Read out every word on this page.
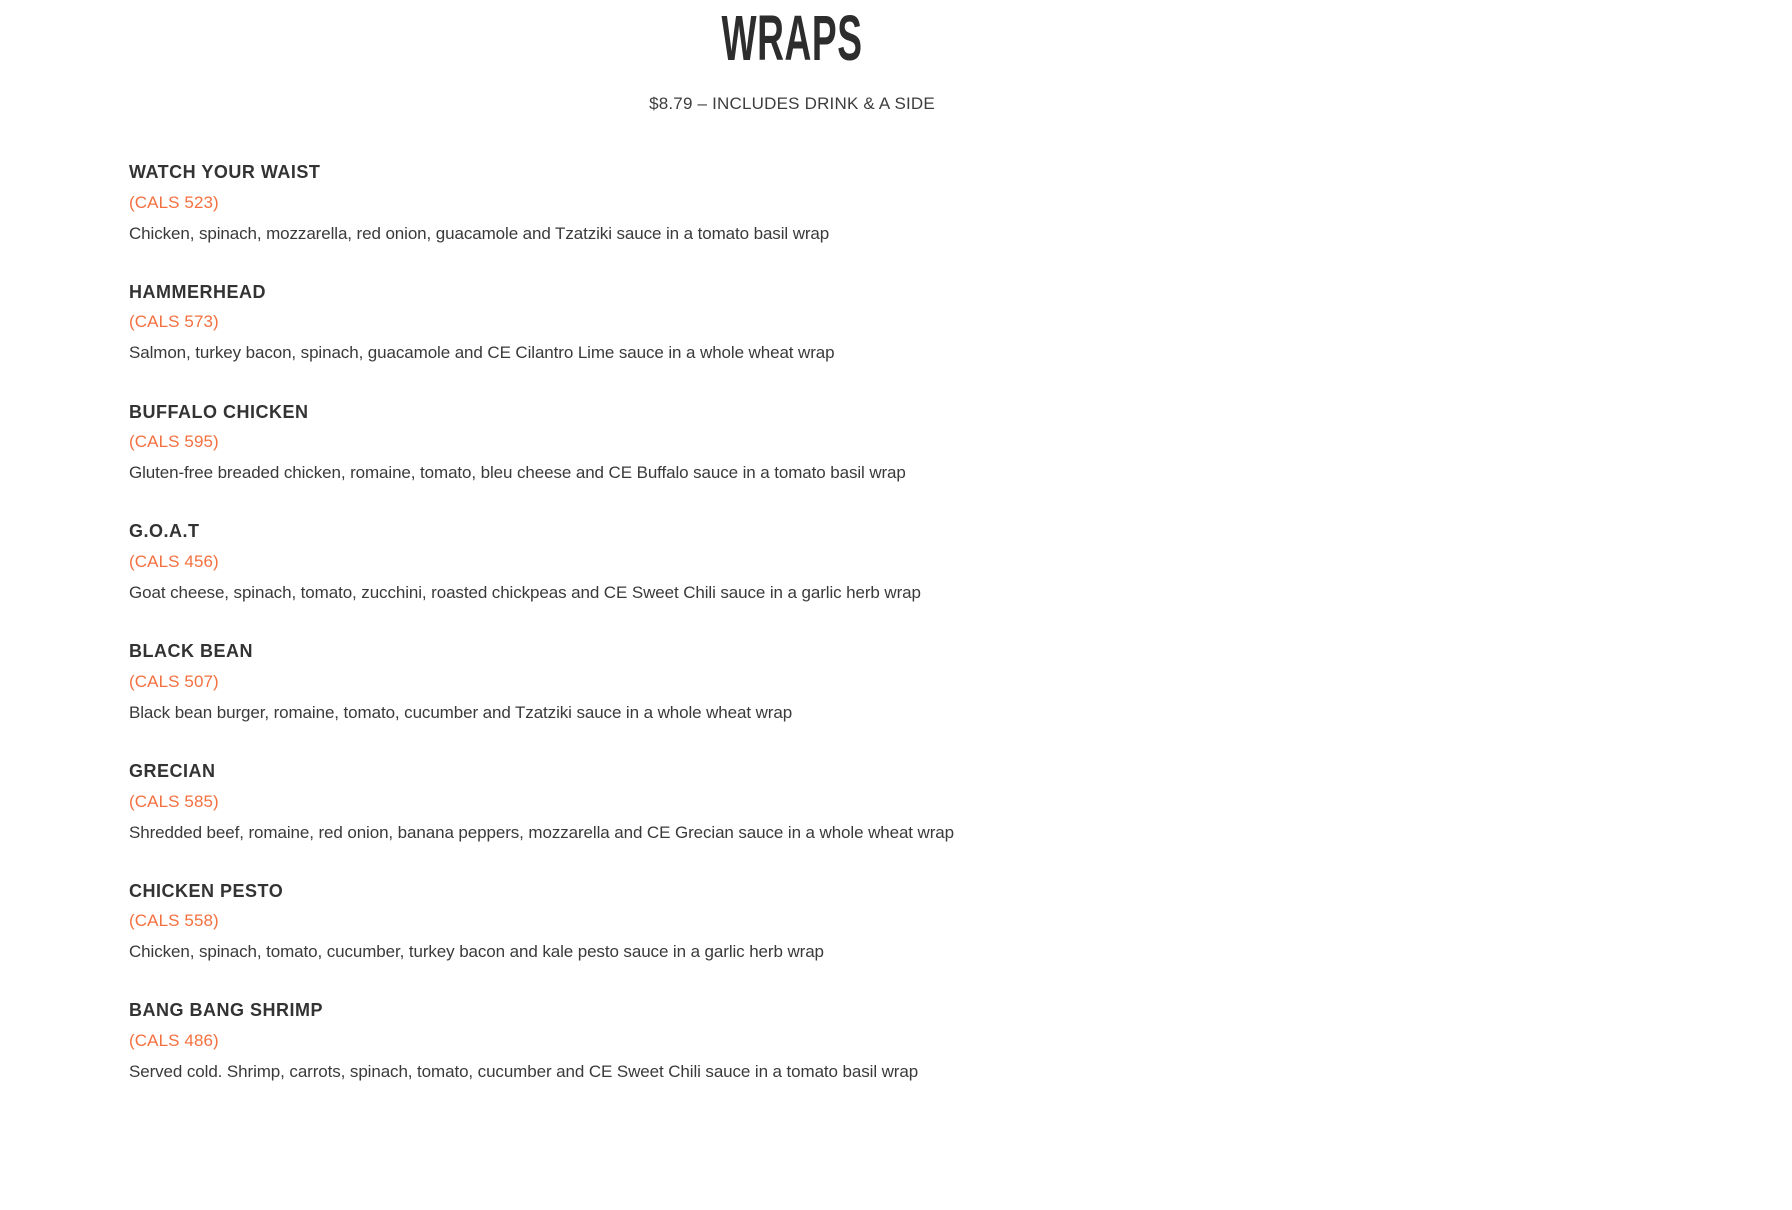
WRAPS

$8.79 – INCLUDES DRINK & A SIDE

WATCH YOUR WAIST
(CALS 523)

Chicken, spinach, mozzarella, red onion, guacamole and Tzatziki sauce in a tomato basil wrap

HAMMERHEAD
(CALS 573)

Salmon, turkey bacon, spinach, guacamole and CE Cilantro Lime sauce in a whole wheat wrap

BUFFALO CHICKEN
(CALS 595)

Gluten-free breaded chicken, romaine, tomato, bleu cheese and CE Buffalo sauce in a tomato basil wrap

G.O.A.T
(CALS 456)

Goat cheese, spinach, tomato, zucchini, roasted chickpeas and CE Sweet Chili sauce in a garlic herb wrap

BLACK BEAN
(CALS 507)

Black bean burger, romaine, tomato, cucumber and Tzatziki sauce in a whole wheat wrap

GRECIAN
(CALS 585)

Shredded beef, romaine, red onion, banana peppers, mozzarella and CE Grecian sauce in a whole wheat wrap

CHICKEN PESTO
(CALS 558)

Chicken, spinach, tomato, cucumber, turkey bacon and kale pesto sauce in a garlic herb wrap

BANG BANG SHRIMP
(CALS 486)

Served cold. Shrimp, carrots, spinach, tomato, cucumber and CE Sweet Chili sauce in a tomato basil wrap
